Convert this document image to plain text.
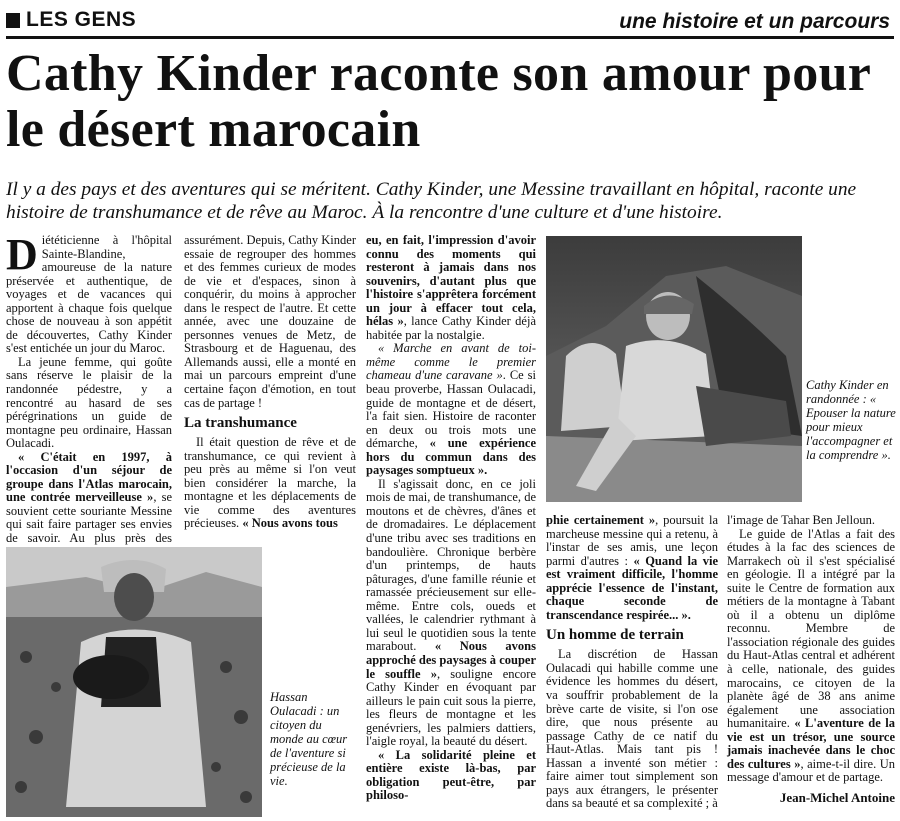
LES GENS	une histoire et un parcours
Cathy Kinder raconte son amour pour le désert marocain

Il y a des pays et des aventures qui se méritent. Cathy Kinder, une Messine travaillant en hôpital, raconte une histoire de transhumance et de rêve au Maroc. À la rencontre d'une culture et d'une histoire.

Diététicienne à l'hôpital Sainte-Blandine, amoureuse de la nature préservée et authentique, de voyages et de vacances qui apportent à chaque fois quelque chose de nouveau à son appétit de découvertes, Cathy Kinder s'est entichée un jour du Maroc.

La jeune femme, qui goûte sans réserve le plaisir de la randonnée pédestre, y a rencontré au hasard de ses pérégrinations un guide de montagne peu ordinaire, Hassan Oulacadi.

« C'était en 1997, à l'occasion d'un séjour de groupe dans l'Atlas marocain, une contrée merveilleuse », se souvient cette souriante Messine qui sait faire partager ses envies de savoir. Au plus près des

assurément. Depuis, Cathy Kinder essaie de regrouper des hommes et des femmes curieux de modes de vie et d'espaces, sinon à conquérir, du moins à approcher dans le respect de l'autre. Et cette année, avec une douzaine de personnes venues de Metz, de Strasbourg et de Haguenau, des Allemands aussi, elle a monté en mai un parcours empreint d'une certaine façon d'émotion, en tout cas de partage !

La transhumance

Il était question de rêve et de transhumance, ce qui revient à peu près au même si l'on veut bien considérer la marche, la montagne et les déplacements de vie comme des aventures précieuses. « Nous avons tous

eu, en fait, l'impression d'avoir connu des moments qui resteront à jamais dans nos souvenirs, d'autant plus que l'histoire s'apprêtera forcément un jour à effacer tout cela, hélas », lance Cathy Kinder déjà habitée par la nostalgie.

« Marche en avant de toi-même comme le premier chameau d'une caravane ». Ce si beau proverbe, Hassan Oulacadi, guide de montagne et de désert, l'a fait sien. Histoire de raconter en deux ou trois mots une démarche, « une expérience hors du commun dans des paysages somptueux ».

Il s'agissait donc, en ce joli mois de mai, de transhumance, de moutons et de chèvres, d'ânes et de dromadaires. Le déplacement d'une tribu avec ses traditions en bandoulière. Chronique berbère d'un printemps, de hauts pâturages, d'une famille réunie et ramassée précieusement sur elle-même. Entre cols, oueds et vallées, le calendrier rythmant à lui seul le quotidien sous la tente marabout. « Nous avons approché des paysages à couper le souffle », souligne encore Cathy Kinder en évoquant par ailleurs le pain cuit sous la pierre, les fleurs de montagne et les genévriers, les palmiers dattiers, l'aigle royal, la beauté du désert.

« La solidarité pleine et entière existe là-bas, par obligation peut-être, par philoso-

Cathy Kinder en randonnée : « Epouser la nature pour mieux l'accompagner et la comprendre ».

phie certainement », poursuit la marcheuse messine qui a retenu, à l'instar de ses amis, une leçon parmi d'autres : « Quand la vie est vraiment difficile, l'homme apprécie l'essence de l'instant, chaque seconde de transcendance respirée... ».

Un homme de terrain

La discrétion de Hassan Oulacadi qui habille comme une évidence les hommes du désert, va souffrir probablement de la brève carte de visite, si l'on ose dire, que nous présente au passage Cathy de ce natif du Haut-Atlas. Mais tant pis ! Hassan a inventé son métier : faire aimer tout simplement son pays aux étrangers, le présenter dans sa beauté et sa complexité ; à

l'image de Tahar Ben Jelloun.

Le guide de l'Atlas a fait des études à la fac des sciences de Marrakech où il s'est spécialisé en géologie. Il a intégré par la suite le Centre de formation aux métiers de la montagne à Tabant où il a obtenu un diplôme reconnu. Membre de l'association régionale des guides du Haut-Atlas central et adhérent à celle, nationale, des guides marocains, ce citoyen de la planète âgé de 38 ans anime également une association humanitaire. « L'aventure de la vie est un trésor, une source jamais inachevée dans le choc des cultures », aime-t-il dire. Un message d'amour et de partage.

Jean-Michel Antoine

Hassan Oulacadi : un citoyen du monde au cœur de l'aventure si précieuse de la vie.
